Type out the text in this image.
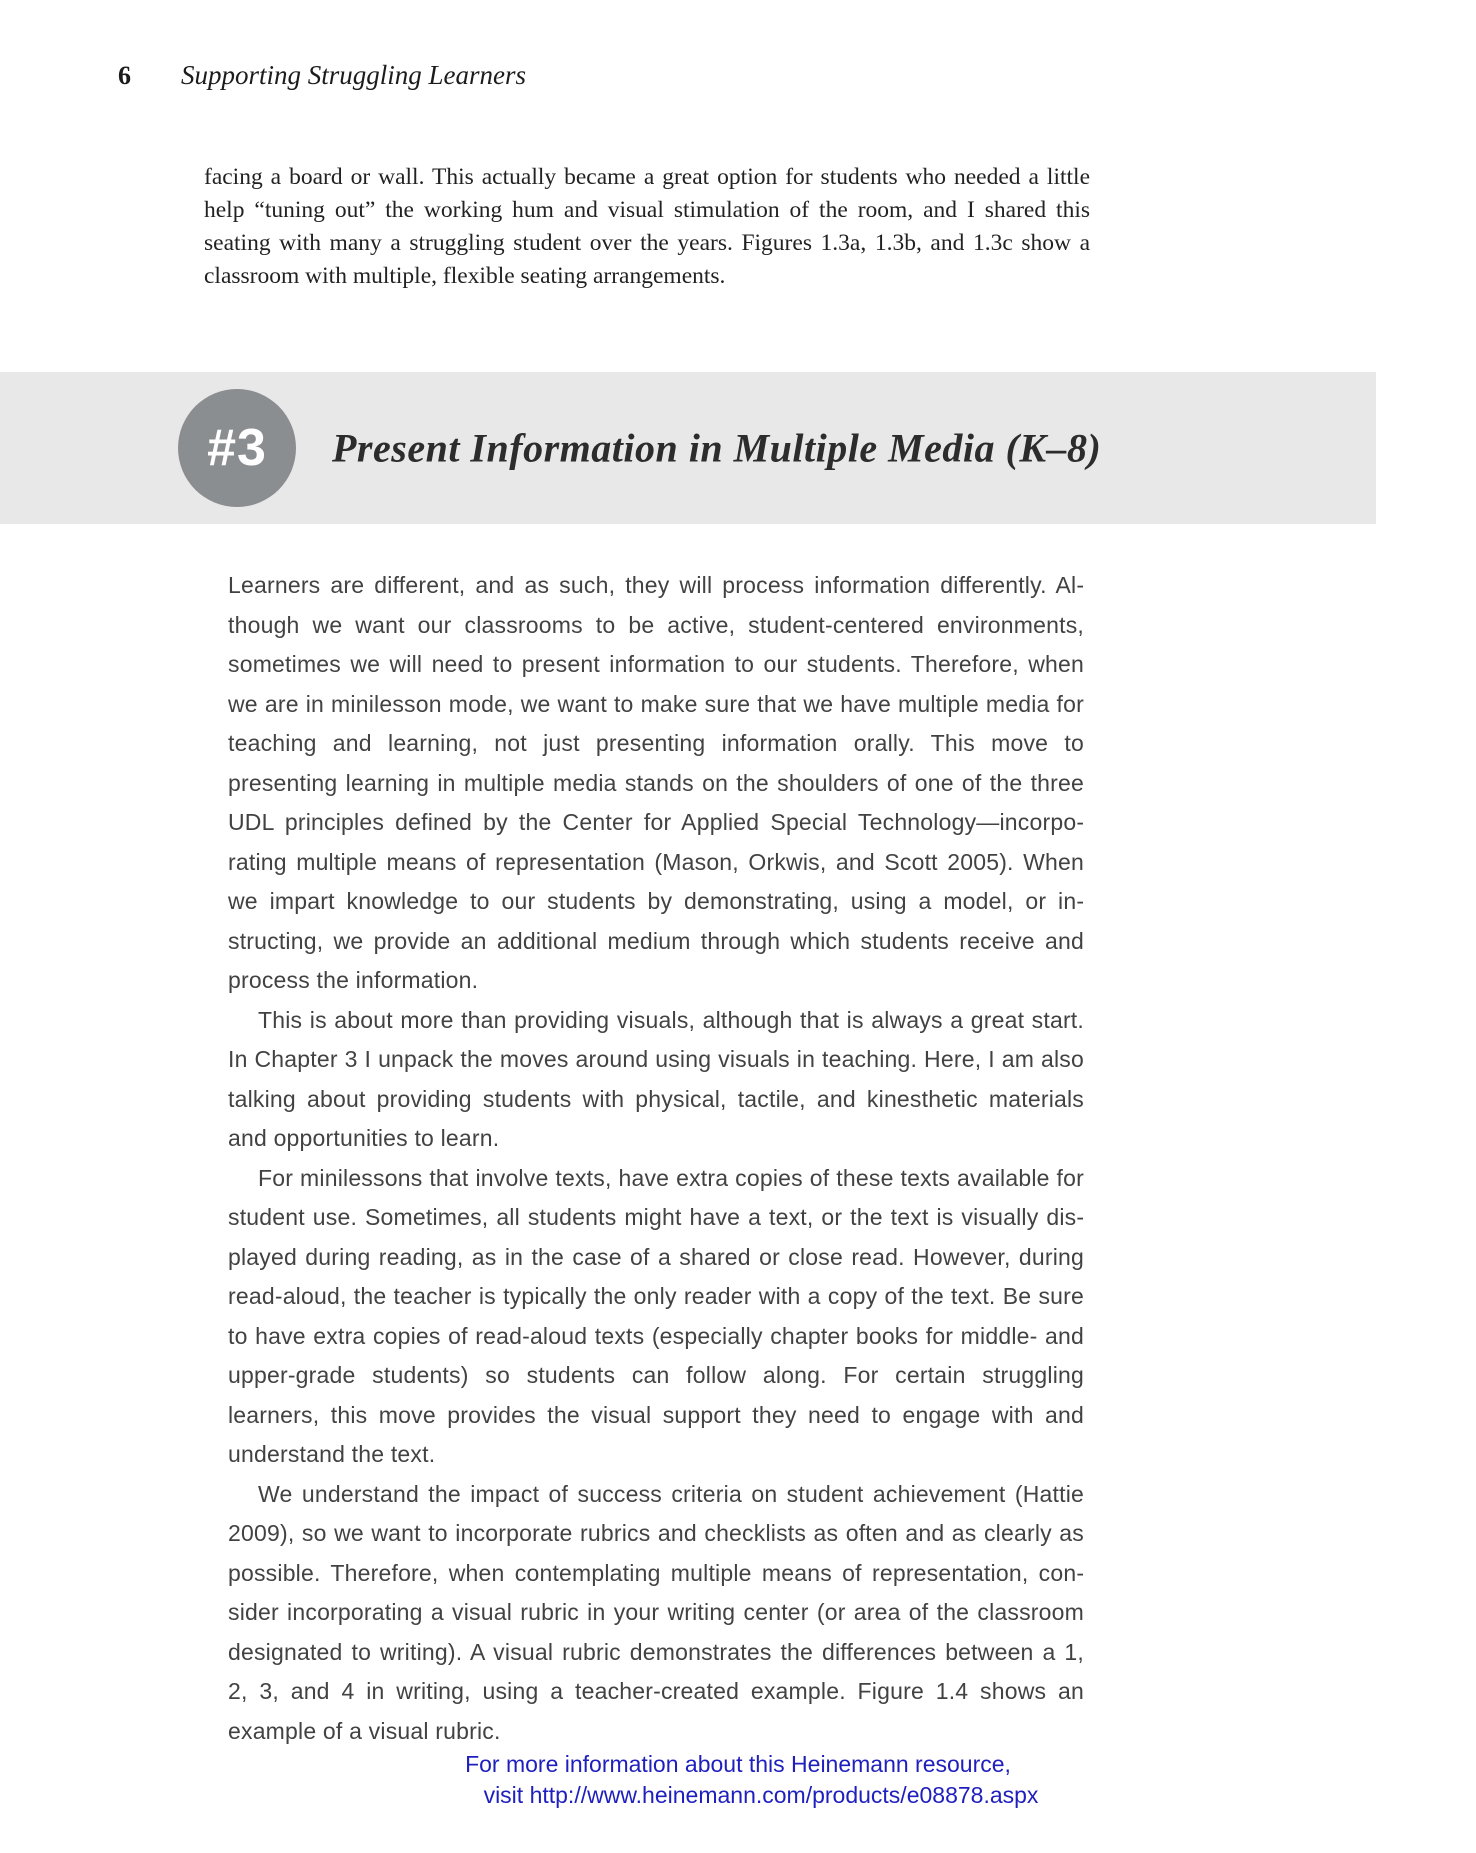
6 Supporting Struggling Learners
facing a board or wall. This actually became a great option for students who needed a little help “tuning out” the working hum and visual stimulation of the room, and I shared this seating with many a struggling student over the years. Figures 1.3a, 1.3b, and 1.3c show a classroom with multiple, flexible seating arrangements.
#3	Present Information in Multiple Media (K–8)

Learners are different, and as such, they will process information differently. Although we want our classrooms to be active, student-centered environments, sometimes we will need to present information to our students. Therefore, when we are in minilesson mode, we want to make sure that we have multiple media for teaching and learning, not just presenting information orally. This move to presenting learning in multiple media stands on the shoulders of one of the three UDL principles defined by the Center for Applied Special Technology—incorporating multiple means of representation (Mason, Orkwis, and Scott 2005). When we impart knowledge to our students by demonstrating, using a model, or instructing, we provide an additional medium through which students receive and process the information.

This is about more than providing visuals, although that is always a great start. In Chapter 3 I unpack the moves around using visuals in teaching. Here, I am also talking about providing students with physical, tactile, and kinesthetic materials and opportunities to learn.

For minilessons that involve texts, have extra copies of these texts available for student use. Sometimes, all students might have a text, or the text is visually displayed during reading, as in the case of a shared or close read. However, during read-aloud, the teacher is typically the only reader with a copy of the text. Be sure to have extra copies of read-aloud texts (especially chapter books for middle- and upper-grade students) so students can follow along. For certain struggling learners, this move provides the visual support they need to engage with and understand the text.

We understand the impact of success criteria on student achievement (Hattie 2009), so we want to incorporate rubrics and checklists as often and as clearly as possible. Therefore, when contemplating multiple means of representation, consider incorporating a visual rubric in your writing center (or area of the classroom designated to writing). A visual rubric demonstrates the differences between a 1, 2, 3, and 4 in writing, using a teacher-created example. Figure 1.4 shows an example of a visual rubric.

For more information about this Heinemann resource,
visit http://www.heinemann.com/products/e08878.aspx
